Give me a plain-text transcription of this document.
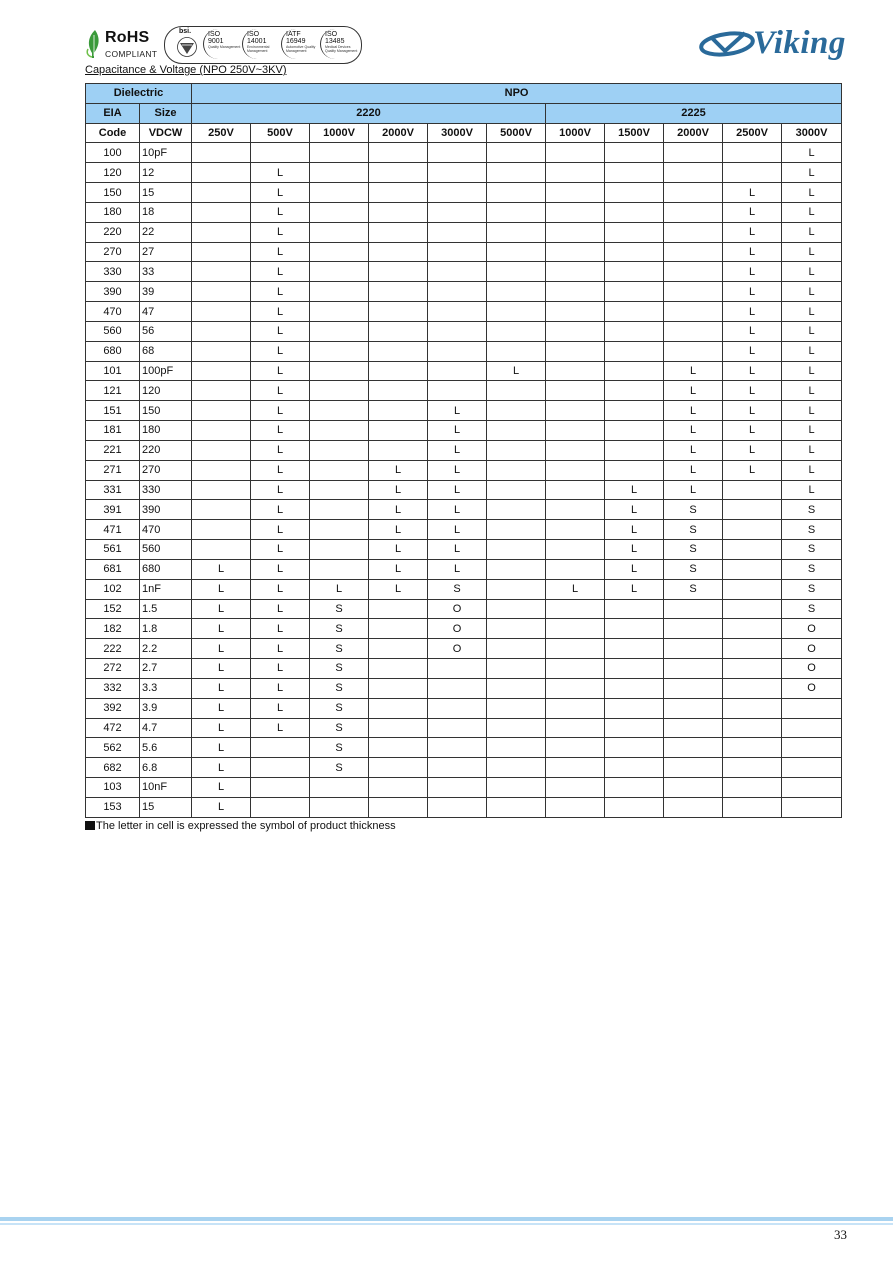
RoHS
COMPLIANT
bsi. ISO
9001
Quality Management
ISO
14001
Environmental Management
IATF
16949
Automotive Quality Management
ISO
13485
Medical Devices Quality Management	Viking
Capacitance & Voltage (NPO 250V~3KV)
Dielectric		NPO										
EIA	Size	2220						2225				
Code	VDCW	250V	500V	1000V	2000V	3000V	5000V	1000V	1500V	2000V	2500V	3000V
100	10pF											L
120	12		L									L
150	15		L								L	L
180	18		L								L	L
220	22		L								L	L
270	27		L								L	L
330	33		L								L	L
390	39		L								L	L
470	47		L								L	L
560	56		L								L	L
680	68		L								L	L
101	100pF		L				L			L	L	L
121	120		L							L	L	L
151	150		L			L				L	L	L
181	180		L			L				L	L	L
221	220		L			L				L	L	L
271	270		L		L	L				L	L	L
331	330		L		L	L			L	L		L
391	390		L		L	L			L	S		S
471	470		L		L	L			L	S		S
561	560		L		L	L			L	S		S
681	680	L	L		L	L			L	S		S
102	1nF	L	L	L	L	S		L	L	S		S
152	1.5	L	L	S		O						S
182	1.8	L	L	S		O						O
222	2.2	L	L	S		O						O
272	2.7	L	L	S								O
332	3.3	L	L	S								O
392	3.9	L	L	S								
472	4.7	L	L	S								
562	5.6	L		S								
682	6.8	L		S								
103	10nF	L										
153	15	L										
The letter in cell is expressed the symbol of product thickness
33
